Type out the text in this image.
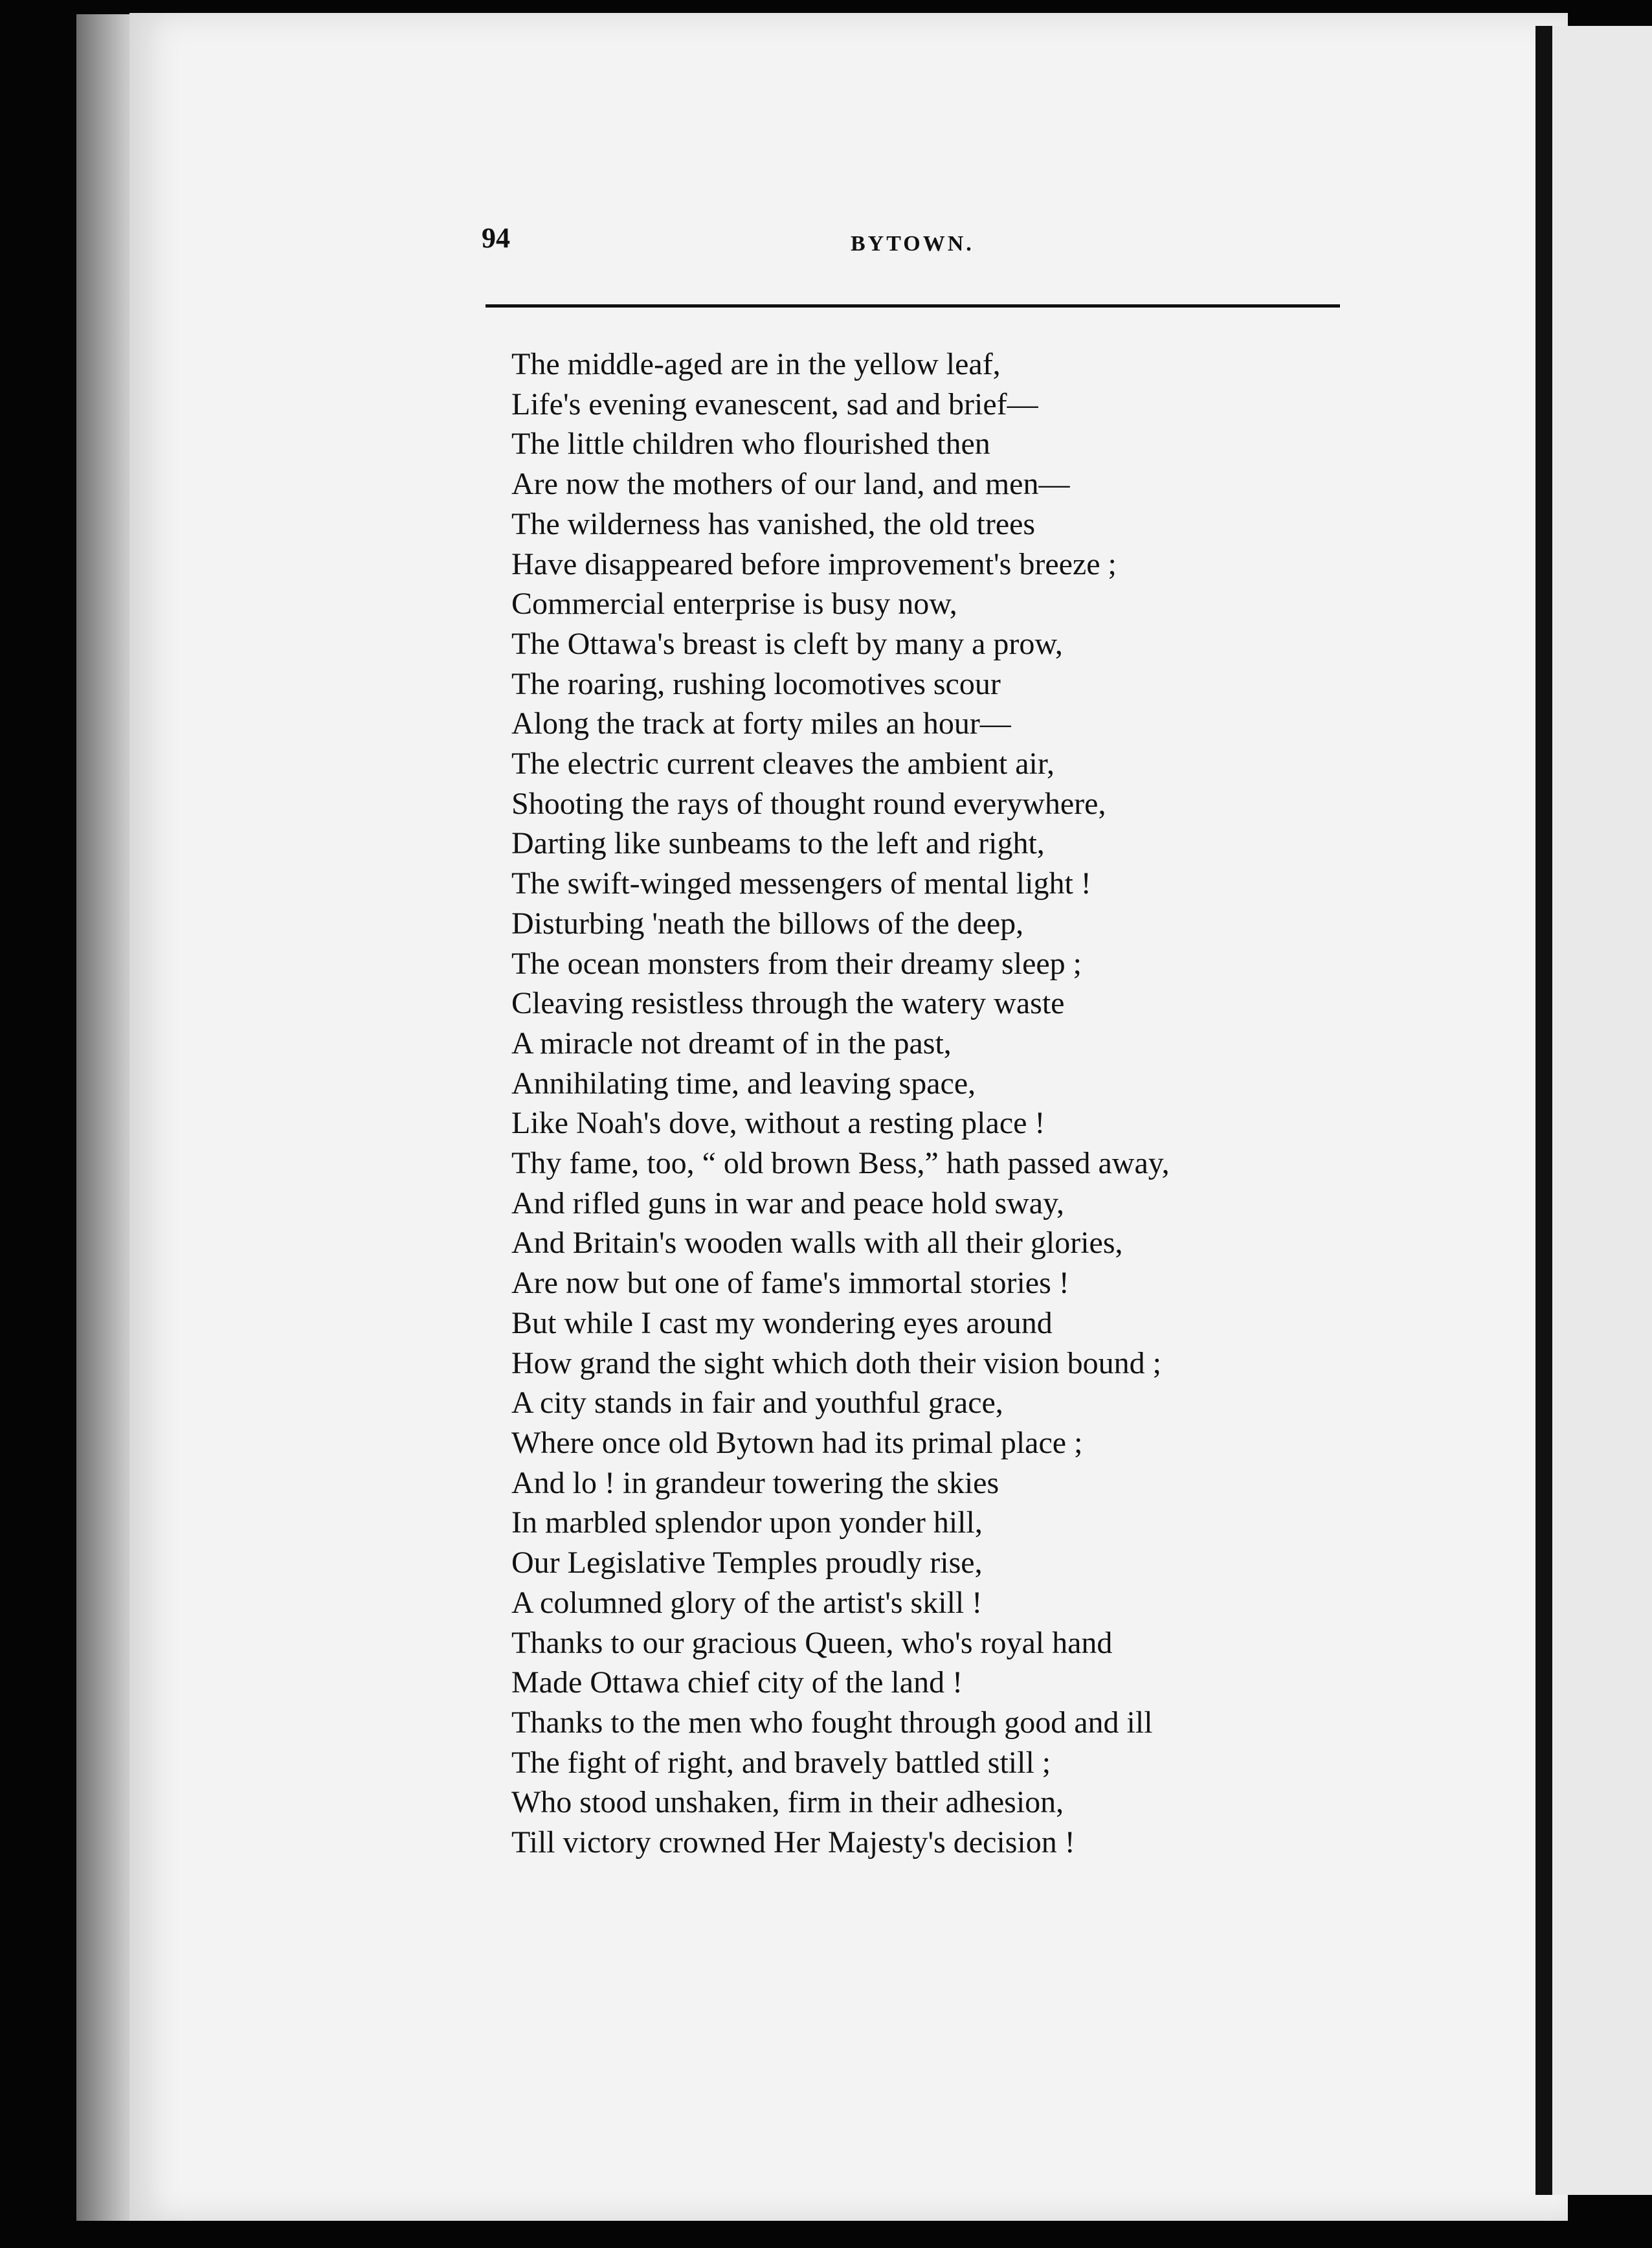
94	BYTOWN.
The middle-aged are in the yellow leaf,
Life's evening evanescent, sad and brief—
The little children who flourished then
Are now the mothers of our land, and men—
The wilderness has vanished, the old trees
Have disappeared before improvement's breeze ;
Commercial enterprise is busy now,
The Ottawa's breast is cleft by many a prow,
The roaring, rushing locomotives scour
Along the track at forty miles an hour—
The electric current cleaves the ambient air,
Shooting the rays of thought round everywhere,
Darting like sunbeams to the left and right,
The swift-winged messengers of mental light !
Disturbing 'neath the billows of the deep,
The ocean monsters from their dreamy sleep ;
Cleaving resistless through the watery waste
A miracle not dreamt of in the past,
Annihilating time, and leaving space,
Like Noah's dove, without a resting place !
Thy fame, too, “ old brown Bess,” hath passed away,
And rifled guns in war and peace hold sway,
And Britain's wooden walls with all their glories,
Are now but one of fame's immortal stories !
But while I cast my wondering eyes around
How grand the sight which doth their vision bound ;
A city stands in fair and youthful grace,
Where once old Bytown had its primal place ;
And lo ! in grandeur towering the skies
In marbled splendor upon yonder hill,
Our Legislative Temples proudly rise,
A columned glory of the artist's skill !
Thanks to our gracious Queen, who's royal hand
Made Ottawa chief city of the land !
Thanks to the men who fought through good and ill
The fight of right, and bravely battled still ;
Who stood unshaken, firm in their adhesion,
Till victory crowned Her Majesty's decision !
